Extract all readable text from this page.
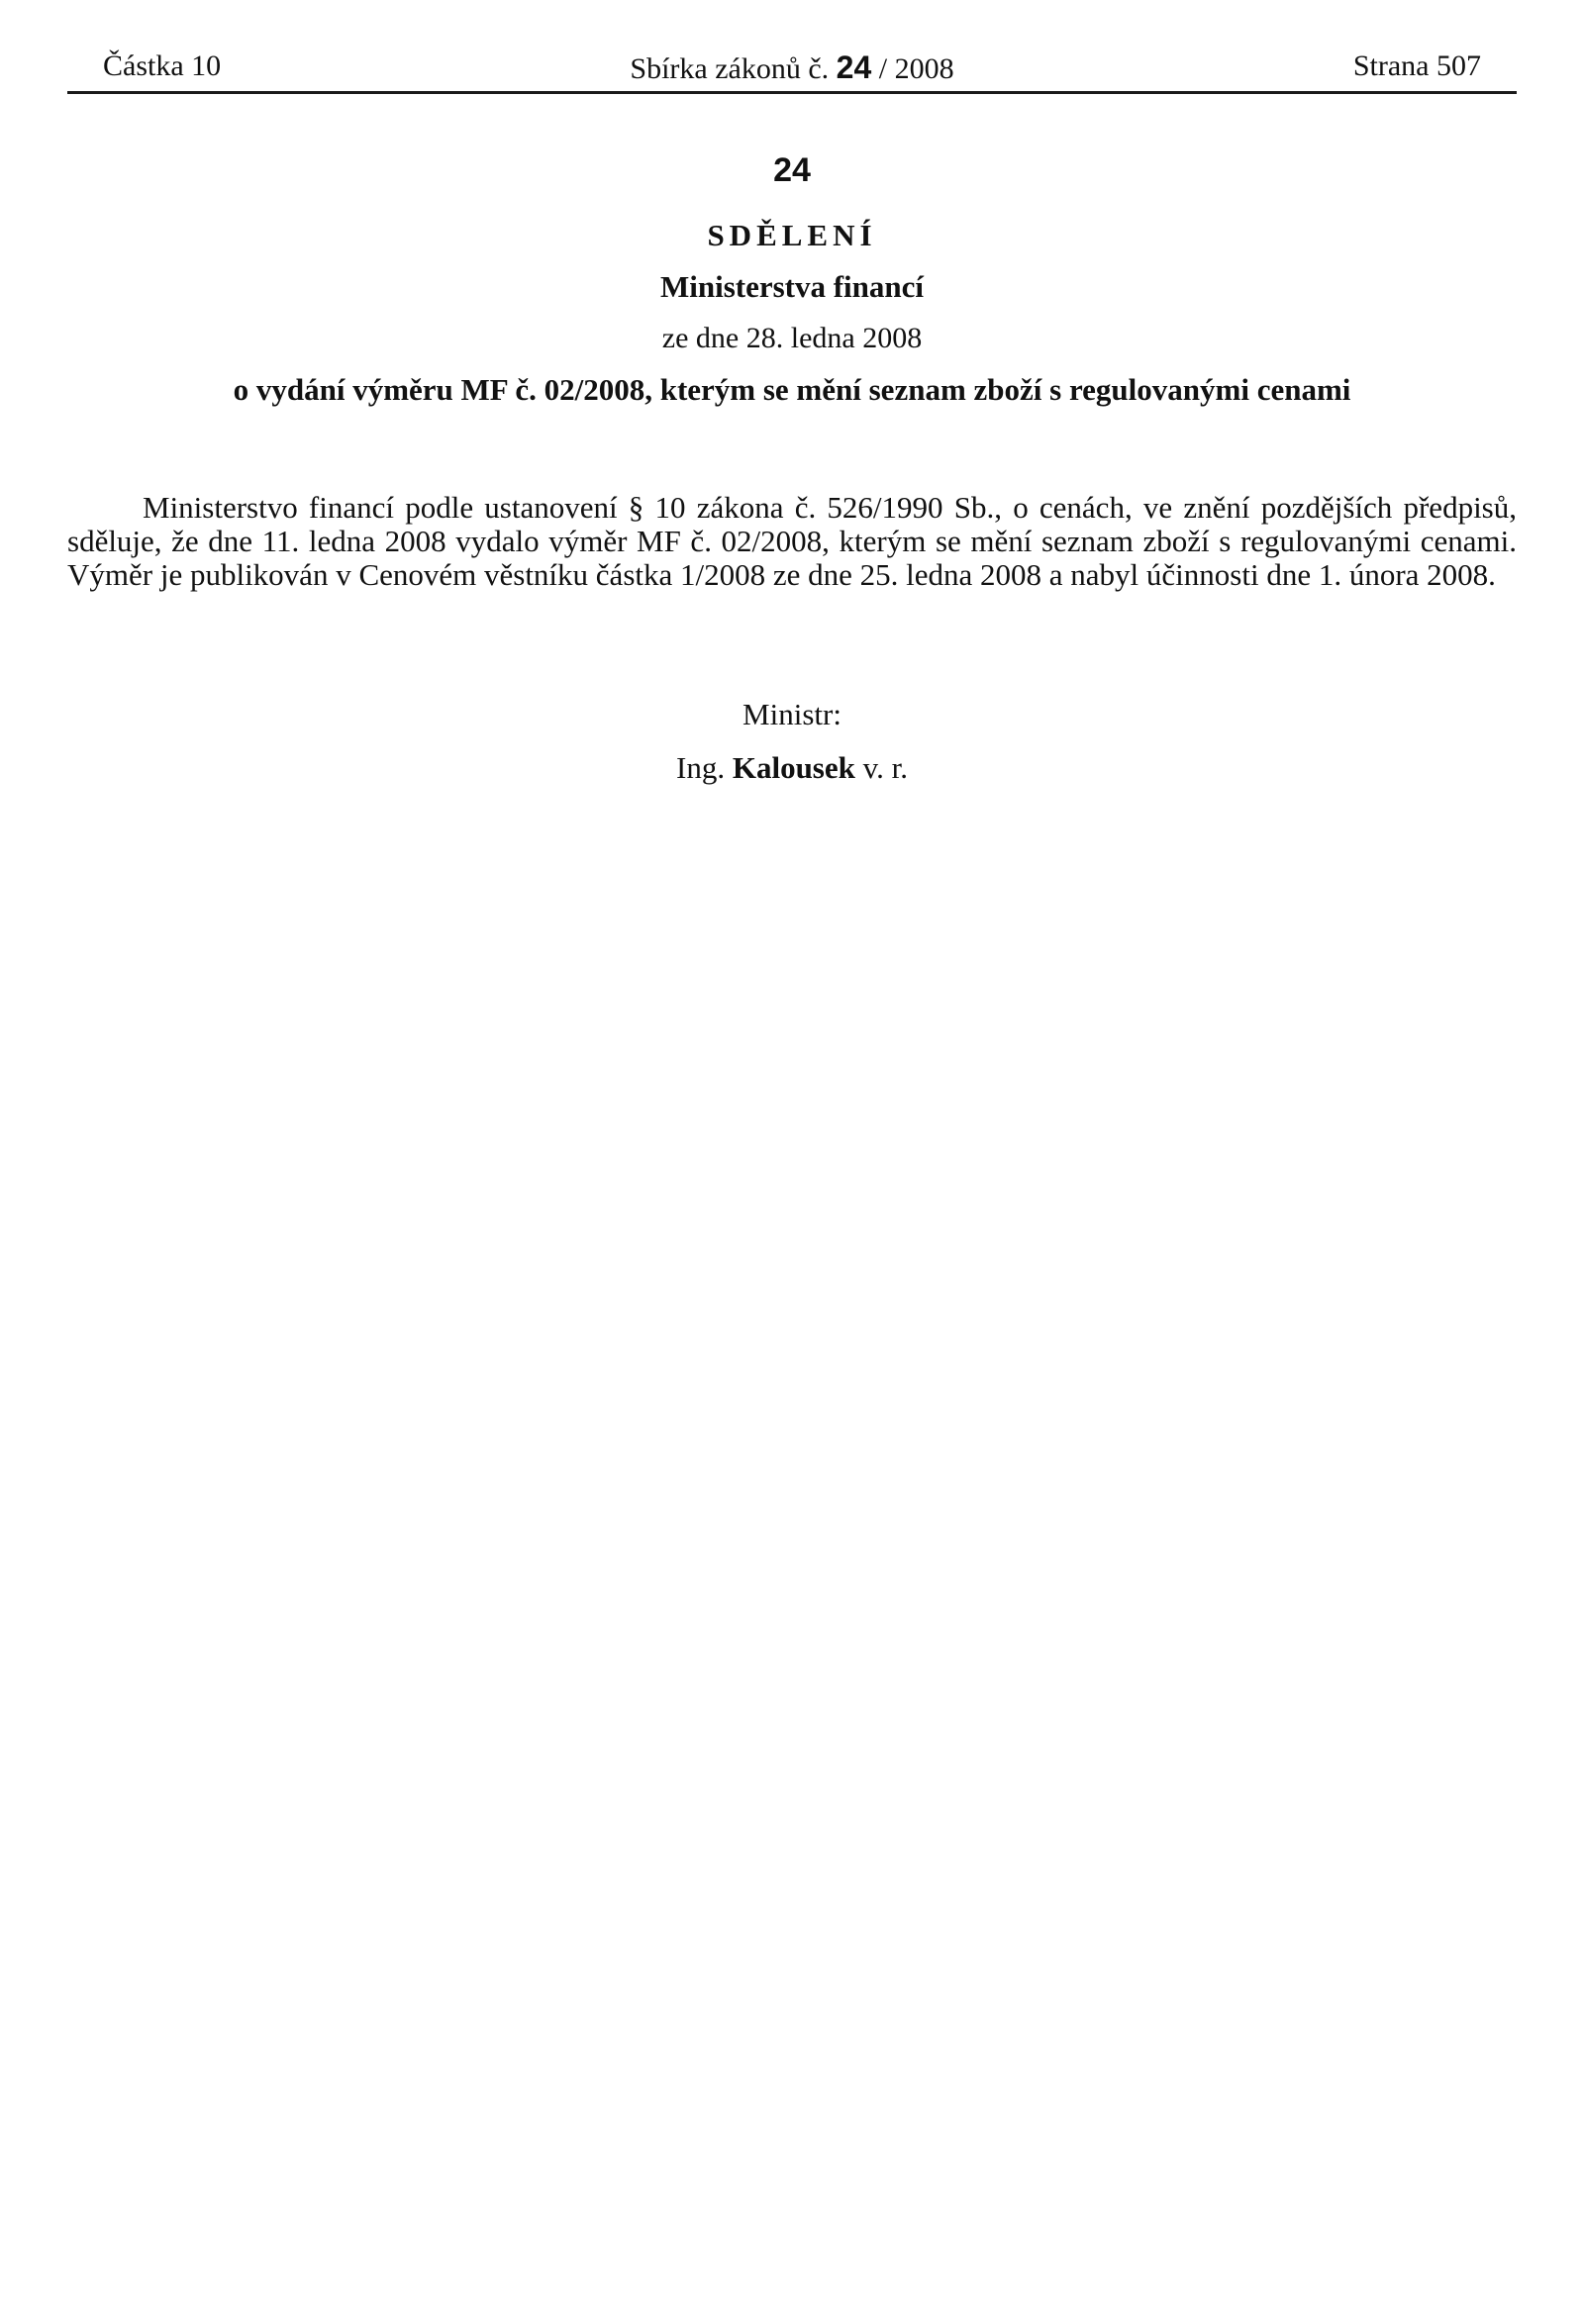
Částka 10	Sbírka zákonů č. 24 / 2008	Strana 507
24
SDĚLENÍ
Ministerstva financí
ze dne 28. ledna 2008
o vydání výměru MF č. 02/2008, kterým se mění seznam zboží s regulovanými cenami

Ministerstvo financí podle ustanovení § 10 zákona č. 526/1990 Sb., o cenách, ve znění pozdějších předpisů, sděluje, že dne 11. ledna 2008 vydalo výměr MF č. 02/2008, kterým se mění seznam zboží s regulovanými cenami. Výměr je publikován v Cenovém věstníku částka 1/2008 ze dne 25. ledna 2008 a nabyl účinnosti dne 1. února 2008.

Ministr:
Ing. Kalousek v. r.
